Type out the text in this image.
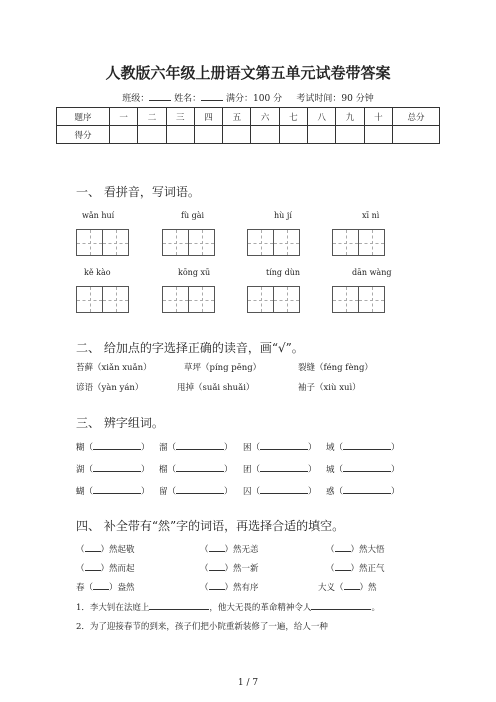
人教版六年级上册语文第五单元试卷带答案
班级：	姓名：	满分：100 分 考试时间：90 分钟
题序	一	二	三	四	五	六	七	八	九	十	总分
得分											
一、 看拼音，写词语。
wǎn huí	fù gài	hù jí	xī nì
kě kào	kōng xū	tíng dùn	dān wàng
二、 给加点的字选择正确的读音，画“√”。
苔藓（xiǎn xuǎn）	草坪（píng pēng）	裂缝（féng fèng）
谚语（yàn yán）	甩掉（suǎi shuǎi）	袖子（xiù xuì）
三、 辨字组词。
糊（	） 溜（	） 困（	） 域（	）
湖（	） 榴（	） 团（	） 城（	）
蝴（	） 留（	） 囚（	） 惑（	）
四、 补全带有“然”字的词语，再选择合适的填空。
（ ）然起敬	（ ）然无恙	（ ）然大悟
（ ）然而起	（ ）然一新	（ ）然正气
春（ ）盎然	（ ）然有序	大义（ ）然
1．李大钊在法庭上	，他大无畏的革命精神令人	。
2．为了迎接春节的到来，孩子们把小院重新装修了一遍，给人一种
1 / 7
